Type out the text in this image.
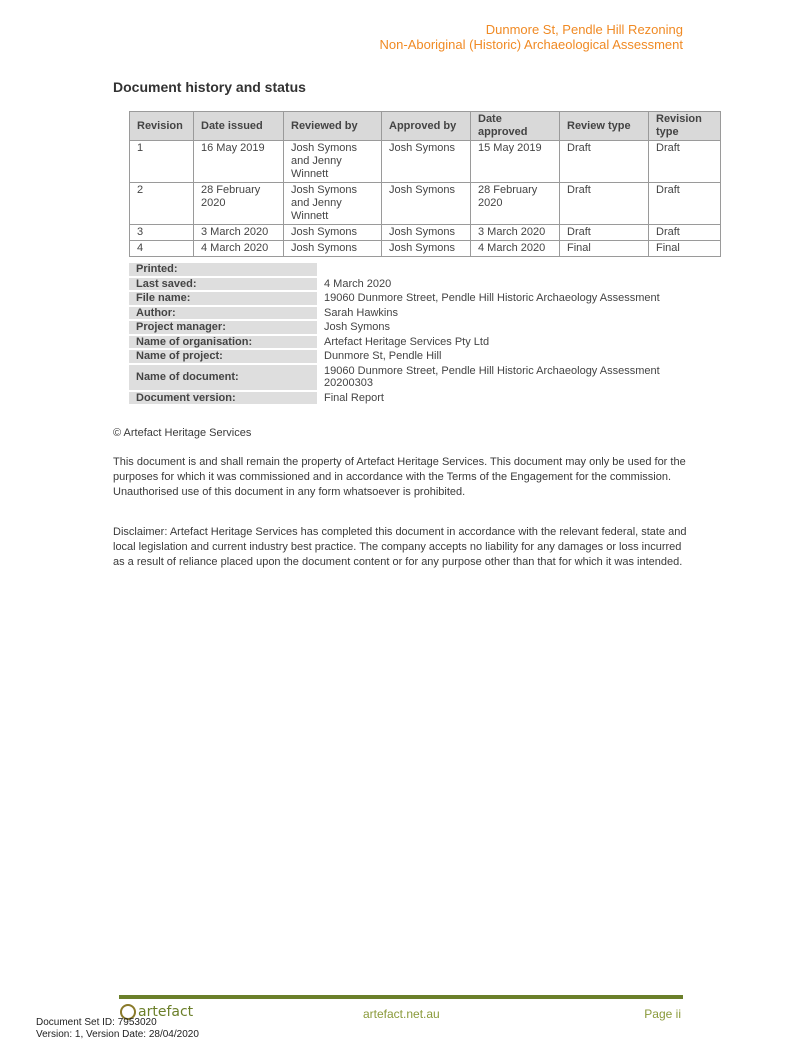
Dunmore St, Pendle Hill Rezoning
Non-Aboriginal (Historic) Archaeological Assessment
Document history and status
Revision	Date issued	Reviewed by	Approved by	Date approved	Review type	Revision type
1	16 May 2019	Josh Symons and Jenny Winnett	Josh Symons	15 May 2019	Draft	Draft
2	28 February 2020	Josh Symons and Jenny Winnett	Josh Symons	28 February 2020	Draft	Draft
3	3 March 2020	Josh Symons	Josh Symons	3 March 2020	Draft	Draft
4	4 March 2020	Josh Symons	Josh Symons	4 March 2020	Final	Final
Printed:	
Last saved:	4 March 2020
File name:	19060 Dunmore Street, Pendle Hill Historic Archaeology Assessment
Author:	Sarah Hawkins
Project manager:	Josh Symons
Name of organisation:	Artefact Heritage Services Pty Ltd
Name of project:	Dunmore St, Pendle Hill
Name of document:	19060 Dunmore Street, Pendle Hill Historic Archaeology Assessment 20200303
Document version:	Final Report
© Artefact Heritage Services
This document is and shall remain the property of Artefact Heritage Services. This document may only be used for the purposes for which it was commissioned and in accordance with the Terms of the Engagement for the commission. Unauthorised use of this document in any form whatsoever is prohibited.
Disclaimer: Artefact Heritage Services has completed this document in accordance with the relevant federal, state and local legislation and current industry best practice. The company accepts no liability for any damages or loss incurred as a result of reliance placed upon the document content or for any purpose other than that for which it was intended.
artefact	artefact.net.au	Page ii
Document Set ID: 7953020
Version: 1, Version Date: 28/04/2020
